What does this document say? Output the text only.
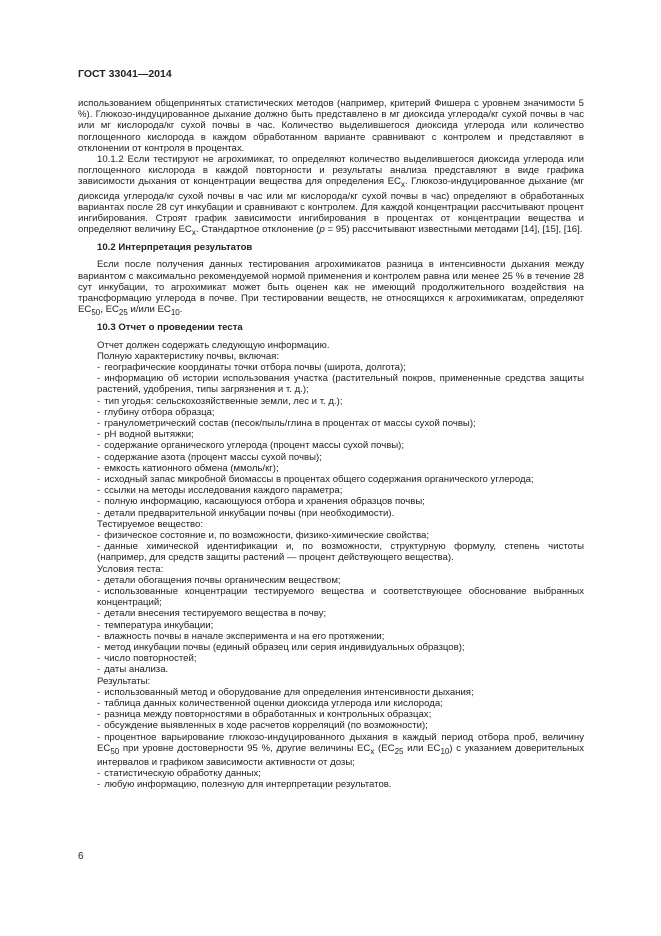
ГОСТ 33041—2014

использованием общепринятых статистических методов (например, критерий Фишера с уровнем значимости 5 %). Глюкозо-индуцированное дыхание должно быть представлено в мг диоксида углерода/кг сухой почвы в час или мг кислорода/кг сухой почвы в час. Количество выделившегося диоксида углерода или количество поглощенного кислорода в каждом обработанном варианте сравнивают с контролем и представляют в отклонении от контроля в процентах.

10.1.2 Если тестируют не агрохимикат, то определяют количество выделившегося диоксида углерода или поглощенного кислорода в каждой повторности и результаты анализа представляют в виде графика зависимости дыхания от концентрации вещества для определения $EC_x$. Глюкозо-индуцированное дыхание (мг диоксида углерода/кг сухой почвы в час или мг кислорода/кг сухой почвы в час) определяют в обработанных вариантах после 28 сут инкубации и сравнивают с контролем. Для каждой концентрации рассчитывают процент ингибирования. Строят график зависимости ингибирования в процентах от концентрации вещества и определяют величину $EC_x$. Стандартное отклонение (p = 95) рассчитывают известными методами [14], [15], [16].

10.2 Интерпретация результатов

Если после получения данных тестирования агрохимикатов разница в интенсивности дыхания между вариантом с максимально рекомендуемой нормой применения и контролем равна или менее 25 % в течение 28 сут инкубации, то агрохимикат может быть оценен как не имеющий продолжительного воздействия на трансформацию углерода в почве. При тестировании веществ, не относящихся к агрохимикатам, определяют $EC_{50}$, $EC_{25}$ и/или $EC_{10}$.

10.3 Отчет о проведении теста

Отчет должен содержать следующую информацию.

Полную характеристику почвы, включая:

- географические координаты точки отбора почвы (широта, долгота);

- информацию об истории использования участка (растительный покров, примененные средства защиты растений, удобрения, типы загрязнения и т. д.);

- тип угодья: сельскохозяйственные земли, лес и т. д.);

- глубину отбора образца;

- гранулометрический состав (песок/пыль/глина в процентах от массы сухой почвы);

- pH водной вытяжки;

- содержание органического углерода (процент массы сухой почвы);

- содержание азота (процент массы сухой почвы);

- емкость катионного обмена (ммоль/кг);

- исходный запас микробной биомассы в процентах общего содержания органического углерода;

- ссылки на методы исследования каждого параметра;

- полную информацию, касающуюся отбора и хранения образцов почвы;

- детали предварительной инкубации почвы (при необходимости).

Тестируемое вещество:

- физическое состояние и, по возможности, физико-химические свойства;

- данные химической идентификации и, по возможности, структурную формулу, степень чистоты (например, для средств защиты растений — процент действующего вещества).

Условия теста:

- детали обогащения почвы органическим веществом;

- использованные концентрации тестируемого вещества и соответствующее обоснование выбранных концентраций;

- детали внесения тестируемого вещества в почву;

- температура инкубации;

- влажность почвы в начале эксперимента и на его протяжении;

- метод инкубации почвы (единый образец или серия индивидуальных образцов);

- число повторностей;

- даты анализа.

Результаты:

- использованный метод и оборудование для определения интенсивности дыхания;

- таблица данных количественной оценки диоксида углерода или кислорода;

- разница между повторностями в обработанных и контрольных образцах;

- обсуждение выявленных в ходе расчетов корреляций (по возможности);

- процентное варьирование глюкозо-индуцированного дыхания в каждый период отбора проб, величину $EC_{50}$ при уровне достоверности 95 %, другие величины $EC_x$ ($EC_{25}$ или $EC_{10}$) с указанием доверительных интервалов и графиком зависимости активности от дозы;

- статистическую обработку данных;

- любую информацию, полезную для интерпретации результатов.

6
